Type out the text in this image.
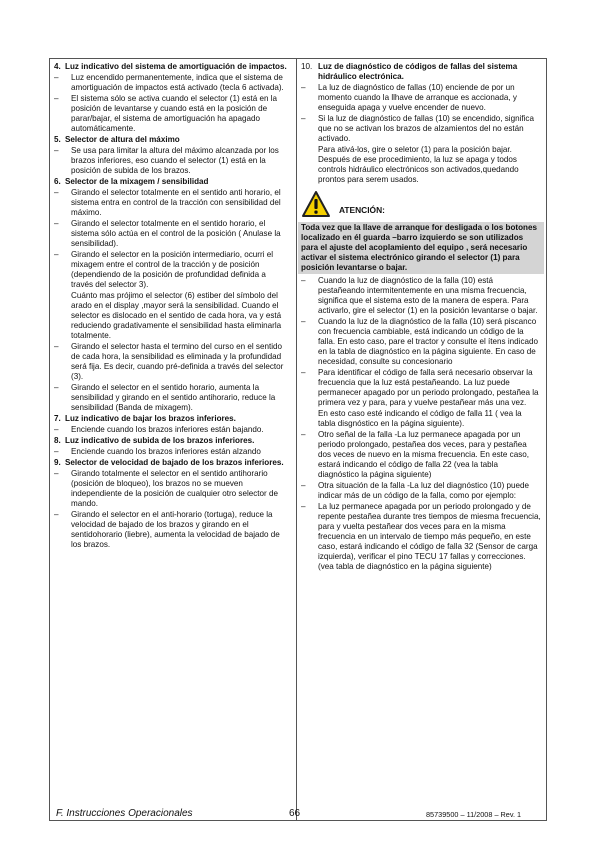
4. Luz indicativo del sistema de amortiguación de impactos.
–	Luz encendido permanentemente, indica que el sistema de amortiguación de impactos está activado (tecla 6 activada).
–	El sistema sólo se activa cuando el selector (1) está en la posición de levantarse y cuando está en la posición de parar/bajar, el sistema de amortiguación ha apagado automáticamente.
5. Selector de altura del máximo
–	Se usa para limitar la altura del máximo alcanzada por los brazos inferiores, eso cuando el selector (1) está en la posición de subida de los brazos.
6. Selector de la mixagem / sensibilidad
–	Girando el selector totalmente en el sentido anti horario, el sistema entra en control de la tracción con sensibilidad del máximo.
–	Girando el selector totalmente en el sentido horario, el sistema sólo actúa en el control de la posición ( Anulase la sensibilidad).
–	Girando el selector en la posición intermediario, ocurri el mixagem entre el control de la tracción y de posición (dependiendo de la posición de profundidad definida a través del selector 3).
Cuánto mas prójimo el selector (6) estiber del símbolo del arado en el display ,mayor será la sensibilidad. Cuando el selector es dislocado en el sentido de cada hora, va y está reduciendo gradativamente el sensibilidad hasta eliminarla totalmente.
–	Girando el selector hasta el termino del curso en el sentido de cada hora, la sensibilidad es eliminada y la profundidad será fija. Es decir, cuando pré-definida a través del selector (3).
–	Girando el selector en el sentido horario, aumenta la sensibilidad y girando en el sentido antihorario, reduce la sensibilidad (Banda de mixagem).
7. Luz indicativo de bajar los brazos inferiores.
–	Enciende cuando los brazos inferiores están bajando.
8. Luz indicativo de subida de los brazos inferiores.
–	Enciende cuando los brazos inferiores están alzando
9. Selector de velocidad de bajado de los brazos inferiores.
–	Girando totalmente el selector en el sentido antihorario (posición de bloqueo), los brazos no se mueven independiente de la posición de cualquier otro selector de mando.
–	Girando el selector en el anti-horario (tortuga), reduce la velocidad de bajado de los brazos y girando en el sentidohorario (liebre), aumenta la velocidad de bajado de los brazos.
10. Luz de diagnóstico de códigos de fallas del sistema hidráulico electrónica.
–	La luz de diagnóstico de fallas (10) enciende de por un momento cuando la llhave de arranque es accionada, y enseguida apaga y vuelve encender de nuevo.
–	Si la luz de diagnóstico de fallas (10) se encendido, significa que no se activan los brazos de alzamientos del no están activado.
Para ativá-los, gire o seletor (1) para la posición bajar. Después de ese procedimiento, la luz se apaga y todos controls hidráulico electrónicos son activados,quedando prontos para serem usados.
ATENCIÓN:
Toda vez que la llave de arranque for desligada o los botones localizado en él guarda –barro izquierdo se son utilizados para el ajuste del acoplamiento del equipo , será necesario activar el sistema electrónico girando el selector (1) para posición levantarse o bajar.
–	Cuando la luz de diagnóstico de la falla (10) está pestañeando intermitentemente en una misma frecuencia, significa que el sistema esto de la manera de espera. Para activarlo, gire el selector (1) en la posición levantarse o bajar.
–	Cuando la luz de la diagnóstico de la falla (10) será piscanco con frecuencia cambiable, está indicando un código de la falla. En esto caso, pare el tractor y consulte el ítens indicado en la tabla de diagnóstico en la página siguiente. En caso de necesidad, consulte su concesionario
–	Para identificar el código de falla será necesario observar la frecuencia que la luz está pestañeando. La luz puede permanecer apagado por un periodo prolongado, pestañea la primera vez y para, para y vuelve pestañear más una vez.
En esto caso esté indicando el código de falla 11 ( vea la tabla disgnóstico en la página siguiente).
–	Otro señal de la falla -La luz permanece apagada por un periodo prolongado, pestañea dos veces, para y pestañea dos veces de nuevo en la misma frecuencia. En este caso, estará indicando el código de falla 22 (vea la tabla diagnóstico la página siguiente)
–	Otra situación de la falla -La luz del diagnóstico (10) puede indicar más de un código de la falla, como por ejemplo:
–	La luz permanece apagada por un periodo prolongado y de repente pestañea durante tres tiempos de miesma frecuencia, para y vuelta pestañear dos veces para en la misma frecuencia en un intervalo de tiempo más pequeño, en este caso, estará indicando el código de falla 32 (Sensor de carga izquierda), verificar el pino TECU 17 fallas y correcciones. (vea tabla de diagnóstico en la página siguiente)
F. Instrucciones Operacionales	66	85739500 – 11/2008 – Rev. 1
